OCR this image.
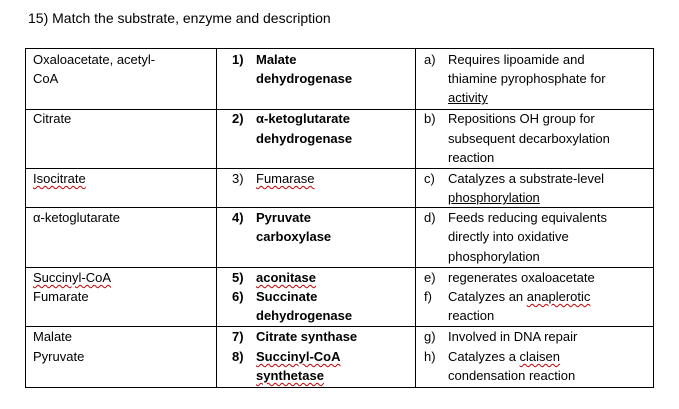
15) Match the substrate, enzyme and description
Oxaloacetate, acetyl-
CoA
Citrate
Isocitrate
α-ketoglutarate
Succinyl-CoA
Fumarate
Malate
Pyruvate
1) Malate
dehydrogenase
2) α-ketoglutarate
dehydrogenase
3) Fumarase
4) Pyruvate
carboxylase
5) aconitase
6) Succinate
dehydrogenase
7) Citrate synthase
8) Succinyl-CoA
synthetase
a) Requires lipoamide and
thiamine pyrophosphate for
activity
b) Repositions OH group for
subsequent decarboxylation
reaction
c) Catalyzes a substrate-level
phosphorylation
d) Feeds reducing equivalents
directly into oxidative
phosphorylation
e) regenerates oxaloacetate
f) Catalyzes an anaplerotic
reaction
g) Involved in DNA repair
h) Catalyzes a claisen
condensation reaction
